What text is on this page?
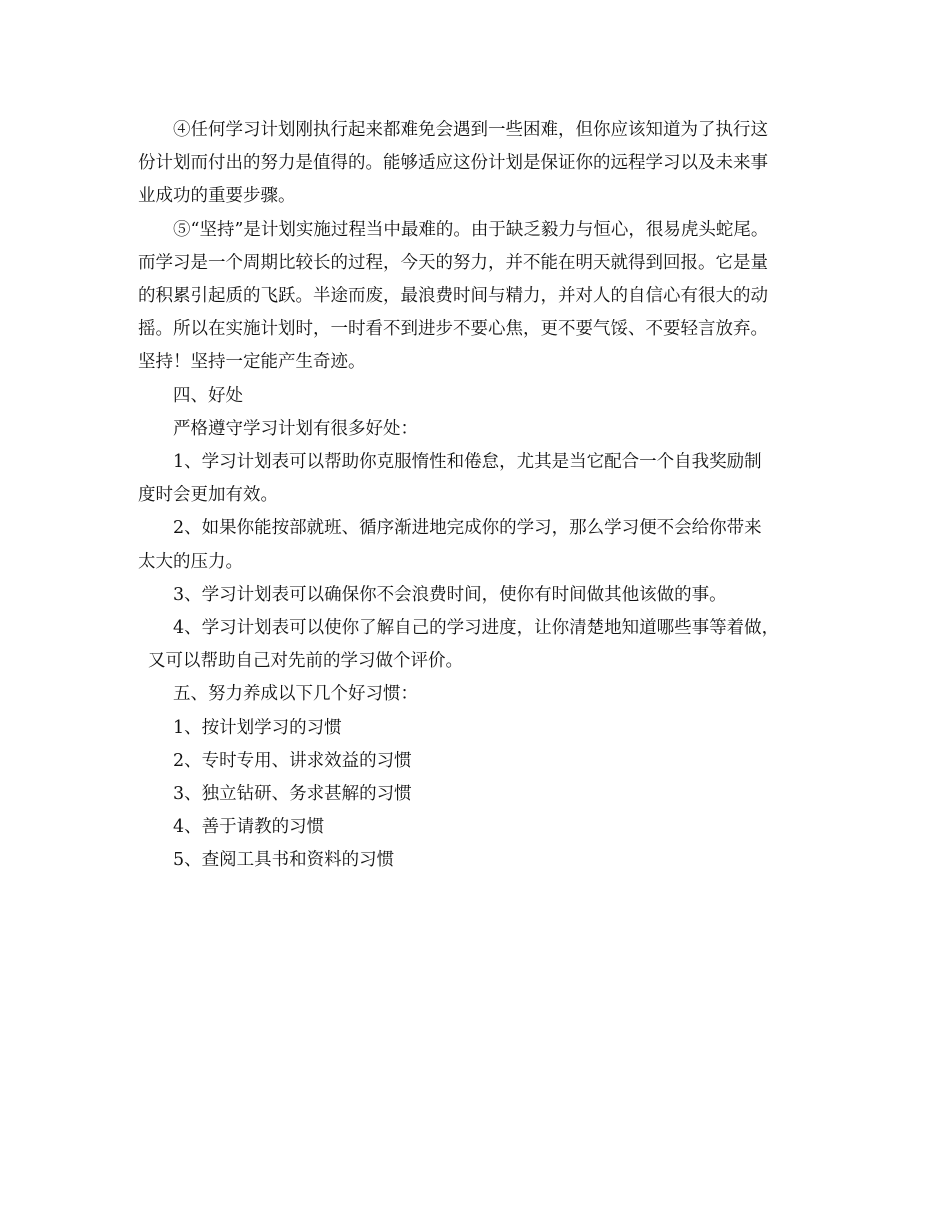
④任何学习计划刚执行起来都难免会遇到一些困难，但你应该知道为了执行这
份计划而付出的努力是值得的。能够适应这份计划是保证你的远程学习以及未来事
业成功的重要步骤。

⑤“坚持”是计划实施过程当中最难的。由于缺乏毅力与恒心，很易虎头蛇尾。
而学习是一个周期比较长的过程，今天的努力，并不能在明天就得到回报。它是量
的积累引起质的飞跃。半途而废，最浪费时间与精力，并对人的自信心有很大的动
摇。所以在实施计划时，一时看不到进步不要心焦，更不要气馁、不要轻言放弃。
坚持！坚持一定能产生奇迹。

四、好处

严格遵守学习计划有很多好处：

1、学习计划表可以帮助你克服惰性和倦怠，尤其是当它配合一个自我奖励制
度时会更加有效。

2、如果你能按部就班、循序渐进地完成你的学习，那么学习便不会给你带来
太大的压力。

3、学习计划表可以确保你不会浪费时间，使你有时间做其他该做的事。

4、学习计划表可以使你了解自己的学习进度，让你清楚地知道哪些事等着做，
又可以帮助自己对先前的学习做个评价。

五、努力养成以下几个好习惯：

1、按计划学习的习惯

2、专时专用、讲求效益的习惯

3、独立钻研、务求甚解的习惯

4、善于请教的习惯

5、查阅工具书和资料的习惯
